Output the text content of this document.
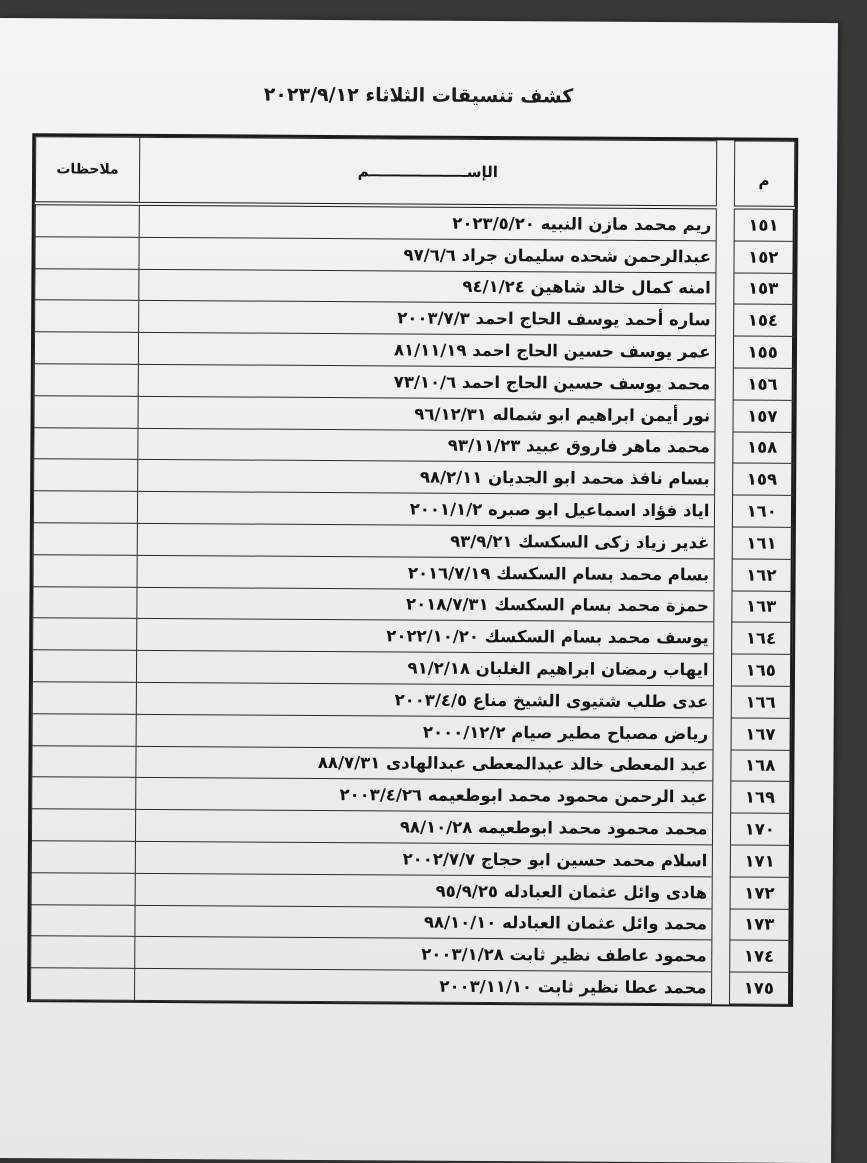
كشف تنسيقات الثلاثاء ٢٠٢٣/٩/١٢
م		الإســـــــــــــــــــم	ملاحظات
١٥١		ريم محمد مازن النبيه ٢٠٢٣/٥/٢٠	
١٥٢		عبدالرحمن شحده سليمان جراد ٩٧/٦/٦	
١٥٣		امنه كمال خالد شاهين ٩٤/١/٢٤	
١٥٤		ساره أحمد يوسف الحاج احمد ٢٠٠٣/٧/٣	
١٥٥		عمر يوسف حسين الحاج احمد ٨١/١١/١٩	
١٥٦		محمد يوسف حسين الحاج احمد ٧٣/١٠/٦	
١٥٧		نور أيمن ابراهيم ابو شماله ٩٦/١٢/٣١	
١٥٨		محمد ماهر فاروق عبيد ٩٣/١١/٢٣	
١٥٩		بسام نافذ محمد ابو الجديان ٩٨/٢/١١	
١٦٠		اياد فؤاد اسماعيل ابو صبره ٢٠٠١/١/٢	
١٦١		غدير زياد زكى السكسك ٩٣/٩/٢١	
١٦٢		بسام محمد بسام السكسك ٢٠١٦/٧/١٩	
١٦٣		حمزة محمد بسام السكسك ٢٠١٨/٧/٣١	
١٦٤		يوسف محمد بسام السكسك ٢٠٢٢/١٠/٢٠	
١٦٥		ايهاب رمضان ابراهيم الغلبان ٩١/٢/١٨	
١٦٦		عدى طلب شتيوى الشيخ مناع ٢٠٠٣/٤/٥	
١٦٧		رياض مصباح مطير صيام ٢٠٠٠/١٢/٢	
١٦٨		عبد المعطى خالد عبدالمعطى عبدالهادى ٨٨/٧/٣١	
١٦٩		عبد الرحمن محمود محمد ابوطعيمه ٢٠٠٣/٤/٢٦	
١٧٠		محمد محمود محمد ابوطعيمه ٩٨/١٠/٢٨	
١٧١		اسلام محمد حسين ابو حجاج ٢٠٠٢/٧/٧	
١٧٢		هادى وائل عثمان العبادله ٩٥/٩/٢٥	
١٧٣		محمد وائل عثمان العبادله ٩٨/١٠/١٠	
١٧٤		محمود عاطف نظير ثابت ٢٠٠٣/١/٢٨	
١٧٥		محمد عطا نظير ثابت ٢٠٠٣/١١/١٠	
